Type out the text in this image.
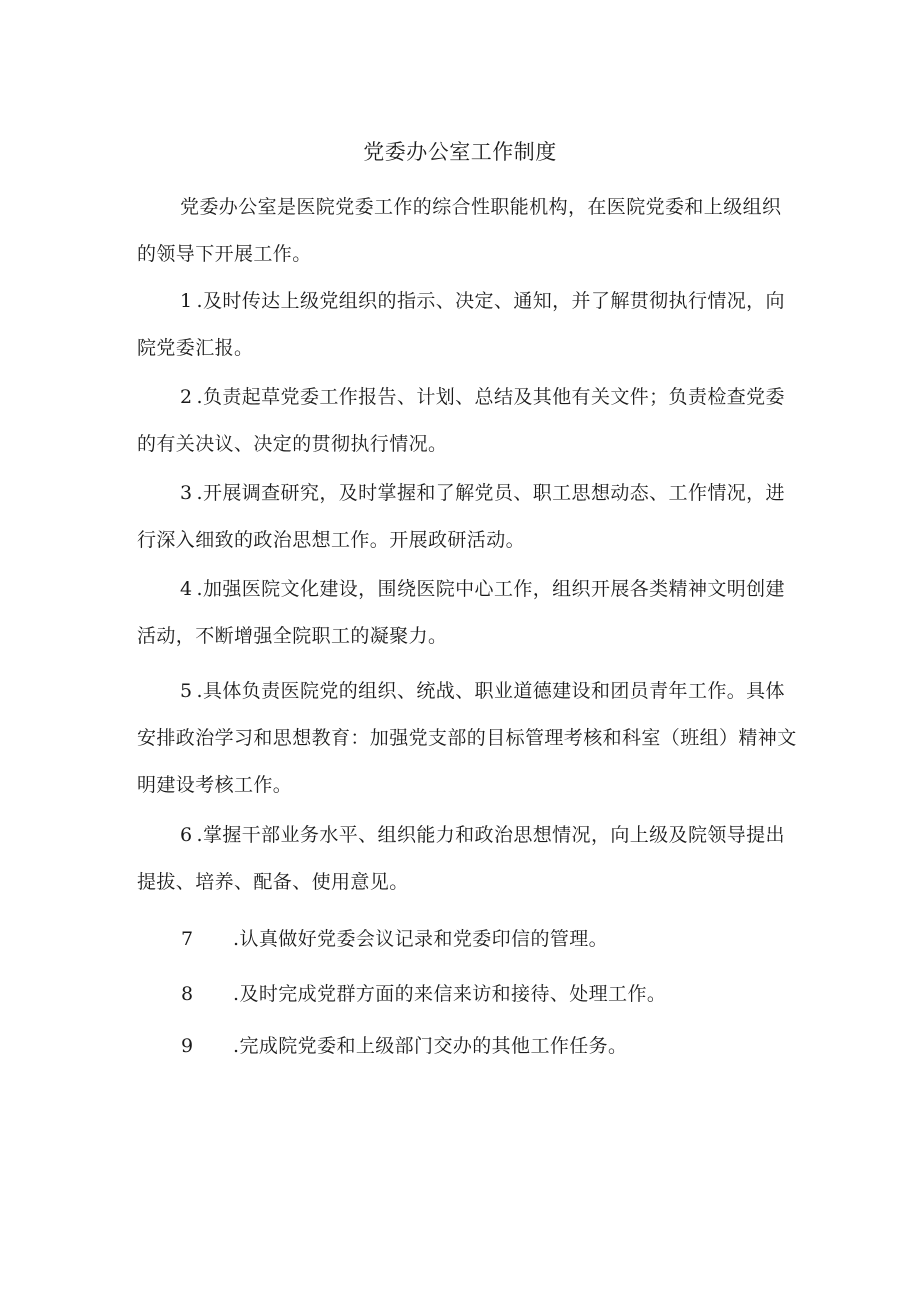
党委办公室工作制度

党委办公室是医院党委工作的综合性职能机构，在医院党委和上级组织的领导下开展工作。

1 .及时传达上级党组织的指示、决定、通知，并了解贯彻执行情况，向院党委汇报。

2 .负责起草党委工作报告、计划、总结及其他有关文件；负责检查党委的有关决议、决定的贯彻执行情况。

3 .开展调查研究，及时掌握和了解党员、职工思想动态、工作情况，进行深入细致的政治思想工作。开展政研活动。

4 .加强医院文化建设，围绕医院中心工作，组织开展各类精神文明创建活动，不断增强全院职工的凝聚力。

5 .具体负责医院党的组织、统战、职业道德建设和团员青年工作。具体安排政治学习和思想教育：加强党支部的目标管理考核和科室（班组）精神文明建设考核工作。

6 .掌握干部业务水平、组织能力和政治思想情况，向上级及院领导提出提拔、培养、配备、使用意见。

7 .认真做好党委会议记录和党委印信的管理。
8 .及时完成党群方面的来信来访和接待、处理工作。
9 .完成院党委和上级部门交办的其他工作任务。
